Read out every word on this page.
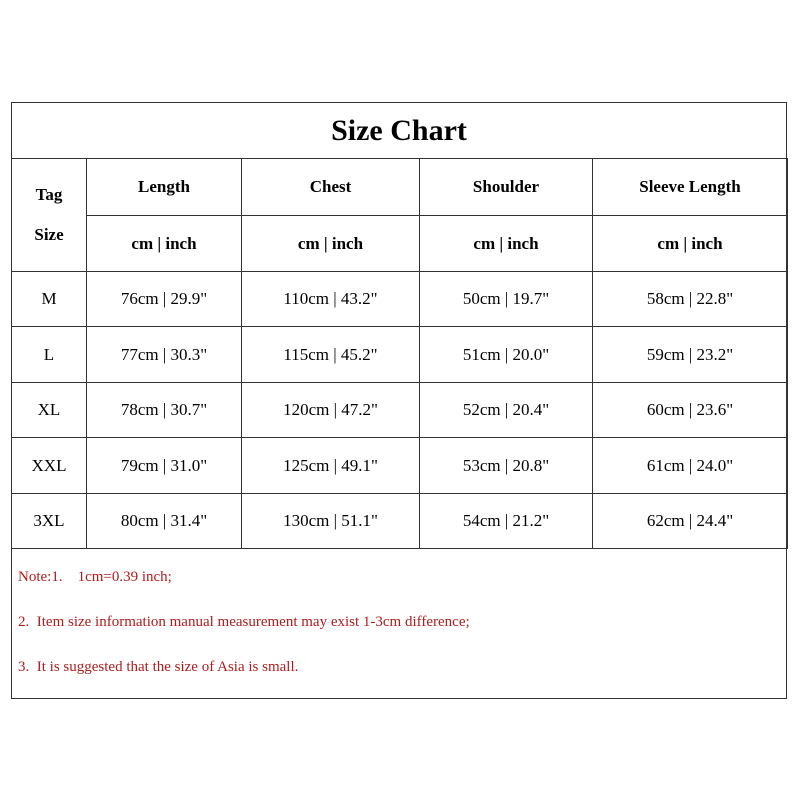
Size Chart
Tag
Size	Length	Chest	Shoulder	Sleeve Length
	cm | inch	cm | inch	cm | inch	cm | inch
M	76cm | 29.9"	110cm | 43.2"	50cm | 19.7"	58cm | 22.8"
L	77cm | 30.3"	115cm | 45.2"	51cm | 20.0"	59cm | 23.2"
XL	78cm | 30.7"	120cm | 47.2"	52cm | 20.4"	60cm | 23.6"
XXL	79cm | 31.0"	125cm | 49.1"	53cm | 20.8"	61cm | 24.0"
3XL	80cm | 31.4"	130cm | 51.1"	54cm | 21.2"	62cm | 24.4"
Note:1.    1cm=0.39 inch;
2.  Item size information manual measurement may exist 1-3cm difference;
3.  It is suggested that the size of Asia is small.
